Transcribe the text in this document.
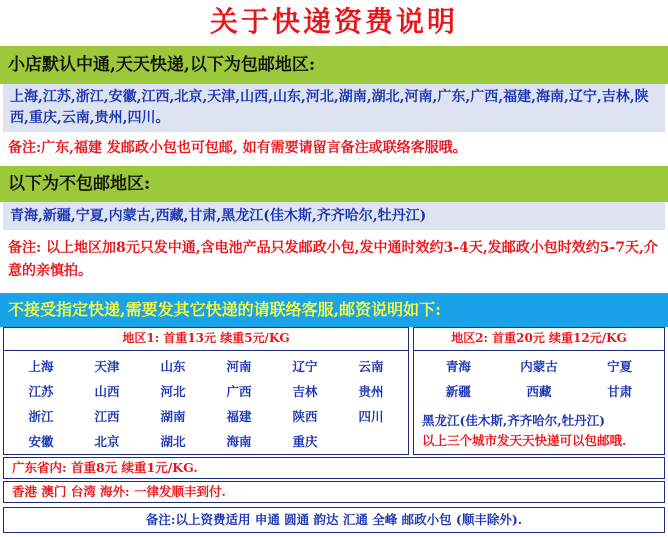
关于快递资费说明
小店默认中通,天天快递,以下为包邮地区:
上海,江苏,浙江,安徽,江西,北京,天津,山西,山东,河北,湖南,湖北,河南,广东,广西,福建,海南,辽宁,吉林,陕西,重庆,云南,贵州,四川。
备注:广东,福建 发邮政小包也可包邮, 如有需要请留言备注或联络客服哦。
以下为不包邮地区:
青海,新疆,宁夏,内蒙古,西藏,甘肃,黑龙江(佳木斯,齐齐哈尔,牡丹江)
备注: 以上地区加8元只发中通,含电池产品只发邮政小包,发中通时效约3-4天,发邮政小包时效约5-7天,介意的亲慎拍。
不接受指定快递,需要发其它快递的请联络客服,邮资说明如下:
地区1: 首重13元 续重5元/KG
上海	天津	山东	河南	辽宁	云南
江苏	山西	河北	广西	吉林	贵州
浙江	江西	湖南	福建	陕西	四川
安徽	北京	湖北	海南	重庆
地区2: 首重20元 续重12元/KG
青海	内蒙古	宁夏
新疆	西藏	甘肃
黑龙江(佳木斯,齐齐哈尔,牡丹江)
以上三个城市发天天快递可以包邮哦.
广东省内: 首重8元 续重1元/KG.
香港 澳门 台湾 海外: 一律发顺丰到付.
备注:以上资费适用 申通 圆通 韵达 汇通 全峰 邮政小包 (顺丰除外).
